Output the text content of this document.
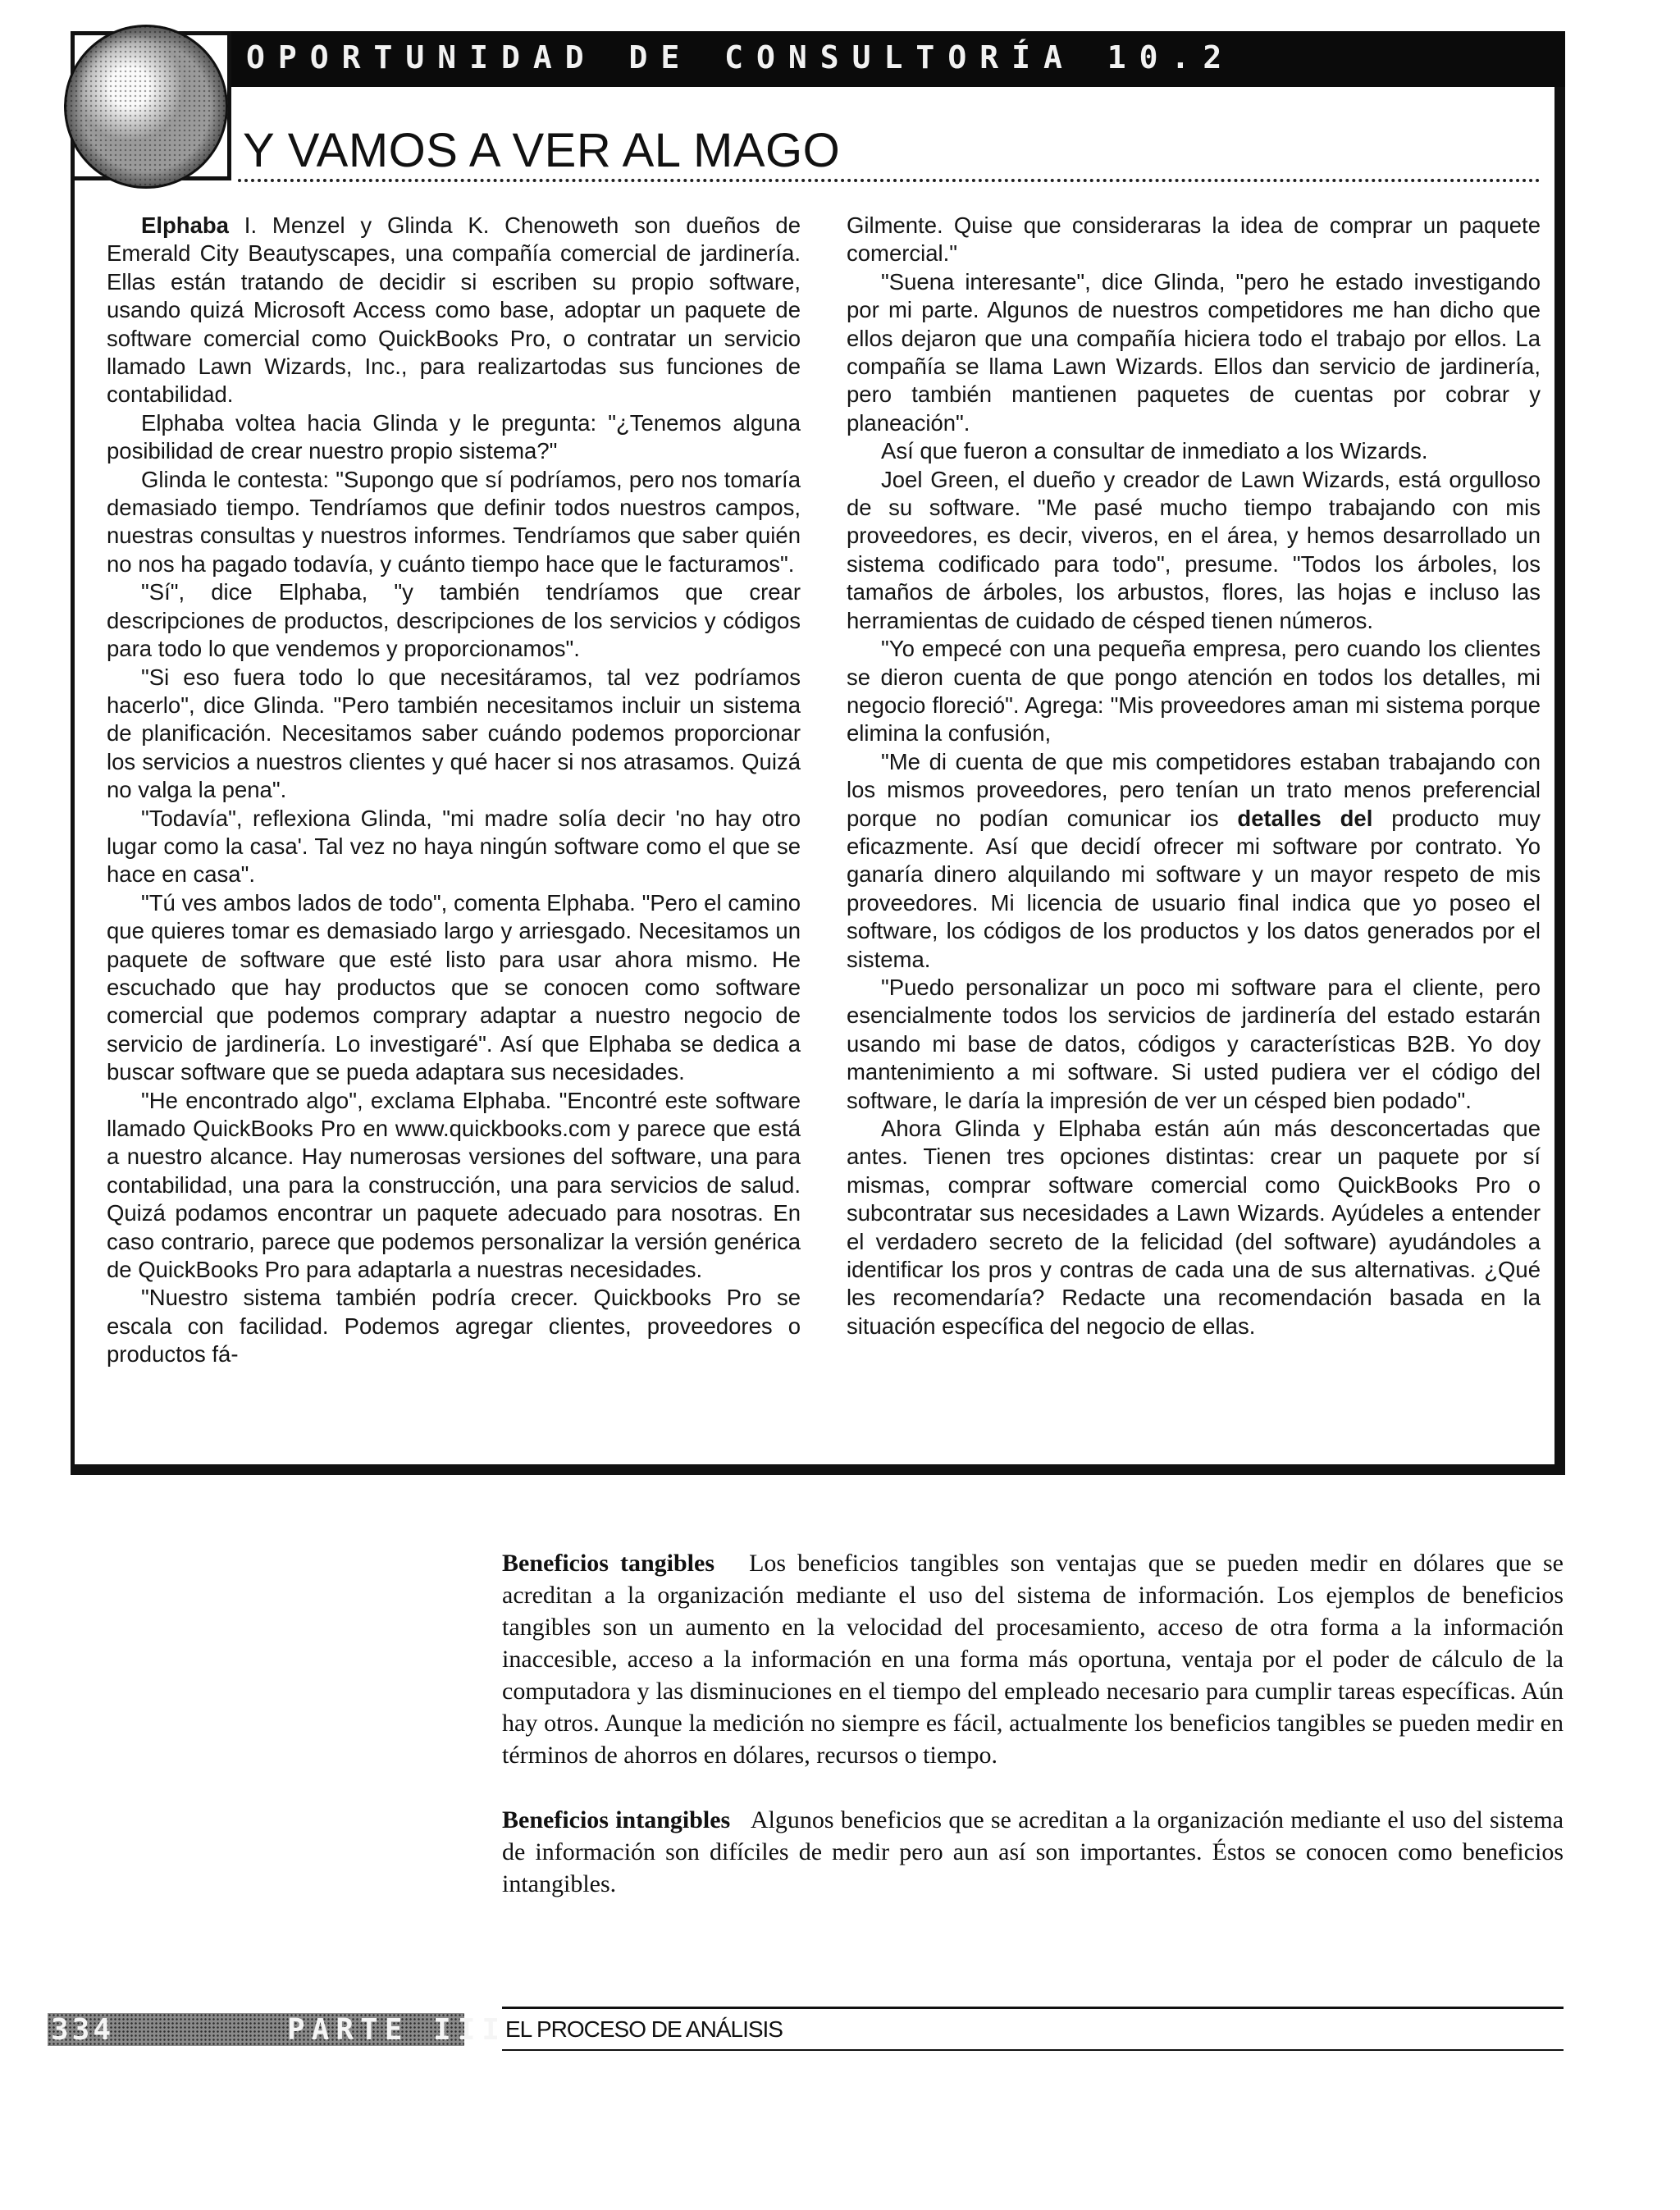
OPORTUNIDAD DE CONSULTORÍA 10.2
Y VAMOS A VER AL MAGO

Elphaba I. Menzel y Glinda K. Chenoweth son dueños de Emerald City Beautyscapes, una compañía comercial de jardinería. Ellas están tratando de decidir si escriben su propio software, usando quizá Microsoft Access como base, adoptar un paquete de software comercial como QuickBooks Pro, o contratar un servicio llamado Lawn Wizards, Inc., para realizartodas sus funciones de contabilidad.

Elphaba voltea hacia Glinda y le pregunta: "¿Tenemos alguna posibilidad de crear nuestro propio sistema?"

Glinda le contesta: "Supongo que sí podríamos, pero nos tomaría demasiado tiempo. Tendríamos que definir todos nuestros campos, nuestras consultas y nuestros informes. Tendríamos que saber quién no nos ha pagado todavía, y cuánto tiempo hace que le facturamos".

"Sí", dice Elphaba, "y también tendríamos que crear descripciones de productos, descripciones de los servicios y códigos para todo lo que vendemos y proporcionamos".

"Si eso fuera todo lo que necesitáramos, tal vez podríamos hacerlo", dice Glinda. "Pero también necesitamos incluir un sistema de planificación. Necesitamos saber cuándo podemos proporcionar los servicios a nuestros clientes y qué hacer si nos atrasamos. Quizá no valga la pena".

"Todavía", reflexiona Glinda, "mi madre solía decir 'no hay otro lugar como la casa'. Tal vez no haya ningún software como el que se hace en casa".

"Tú ves ambos lados de todo", comenta Elphaba. "Pero el camino que quieres tomar es demasiado largo y arriesgado. Necesitamos un paquete de software que esté listo para usar ahora mismo. He escuchado que hay productos que se conocen como software comercial que podemos comprary adaptar a nuestro negocio de servicio de jardinería. Lo investigaré". Así que Elphaba se dedica a buscar software que se pueda adaptara sus necesidades.

"He encontrado algo", exclama Elphaba. "Encontré este software llamado QuickBooks Pro en www.quickbooks.com y parece que está a nuestro alcance. Hay numerosas versiones del software, una para contabilidad, una para la construcción, una para servicios de salud. Quizá podamos encontrar un paquete adecuado para nosotras. En caso contrario, parece que podemos personalizar la versión genérica de QuickBooks Pro para adaptarla a nuestras necesidades.

"Nuestro sistema también podría crecer. Quickbooks Pro se escala con facilidad. Podemos agregar clientes, proveedores o productos fá-

Gilmente. Quise que consideraras la idea de comprar un paquete comercial."

"Suena interesante", dice Glinda, "pero he estado investigando por mi parte. Algunos de nuestros competidores me han dicho que ellos dejaron que una compañía hiciera todo el trabajo por ellos. La compañía se llama Lawn Wizards. Ellos dan servicio de jardinería, pero también mantienen paquetes de cuentas por cobrar y planeación".

Así que fueron a consultar de inmediato a los Wizards.

Joel Green, el dueño y creador de Lawn Wizards, está orgulloso de su software. "Me pasé mucho tiempo trabajando con mis proveedores, es decir, viveros, en el área, y hemos desarrollado un sistema codificado para todo", presume. "Todos los árboles, los tamaños de árboles, los arbustos, flores, las hojas e incluso las herramientas de cuidado de césped tienen números.

"Yo empecé con una pequeña empresa, pero cuando los clientes se dieron cuenta de que pongo atención en todos los detalles, mi negocio floreció". Agrega: "Mis proveedores aman mi sistema porque elimina la confusión,

"Me di cuenta de que mis competidores estaban trabajando con los mismos proveedores, pero tenían un trato menos preferencial porque no podían comunicar ios detalles del producto muy eficazmente. Así que decidí ofrecer mi software por contrato. Yo ganaría dinero alquilando mi software y un mayor respeto de mis proveedores. Mi licencia de usuario final indica que yo poseo el software, los códigos de los productos y los datos generados por el sistema.

"Puedo personalizar un poco mi software para el cliente, pero esencialmente todos los servicios de jardinería del estado estarán usando mi base de datos, códigos y características B2B. Yo doy mantenimiento a mi software. Si usted pudiera ver el código del software, le daría la impresión de ver un césped bien podado".

Ahora Glinda y Elphaba están aún más desconcertadas que antes. Tienen tres opciones distintas: crear un paquete por sí mismas, comprar software comercial como QuickBooks Pro o subcontratar sus necesidades a Lawn Wizards. Ayúdeles a entender el verdadero secreto de la felicidad (del software) ayudándoles a identificar los pros y contras de cada una de sus alternativas. ¿Qué les recomendaría? Redacte una recomendación basada en la situación específica del negocio de ellas.

Beneficios tangibles Los beneficios tangibles son ventajas que se pueden medir en dólares que se acreditan a la organización mediante el uso del sistema de información. Los ejemplos de beneficios tangibles son un aumento en la velocidad del procesamiento, acceso de otra forma a la información inaccesible, acceso a la información en una forma más oportuna, ventaja por el poder de cálculo de la computadora y las disminuciones en el tiempo del empleado necesario para cumplir tareas específicas. Aún hay otros. Aunque la medición no siempre es fácil, actualmente los beneficios tangibles se pueden medir en términos de ahorros en dólares, recursos o tiempo.

Beneficios intangibles Algunos beneficios que se acreditan a la organización mediante el uso del sistema de información son difíciles de medir pero aun así son importantes. Éstos se conocen como beneficios intangibles.

334	PARTE III
EL PROCESO DE ANÁLISIS
